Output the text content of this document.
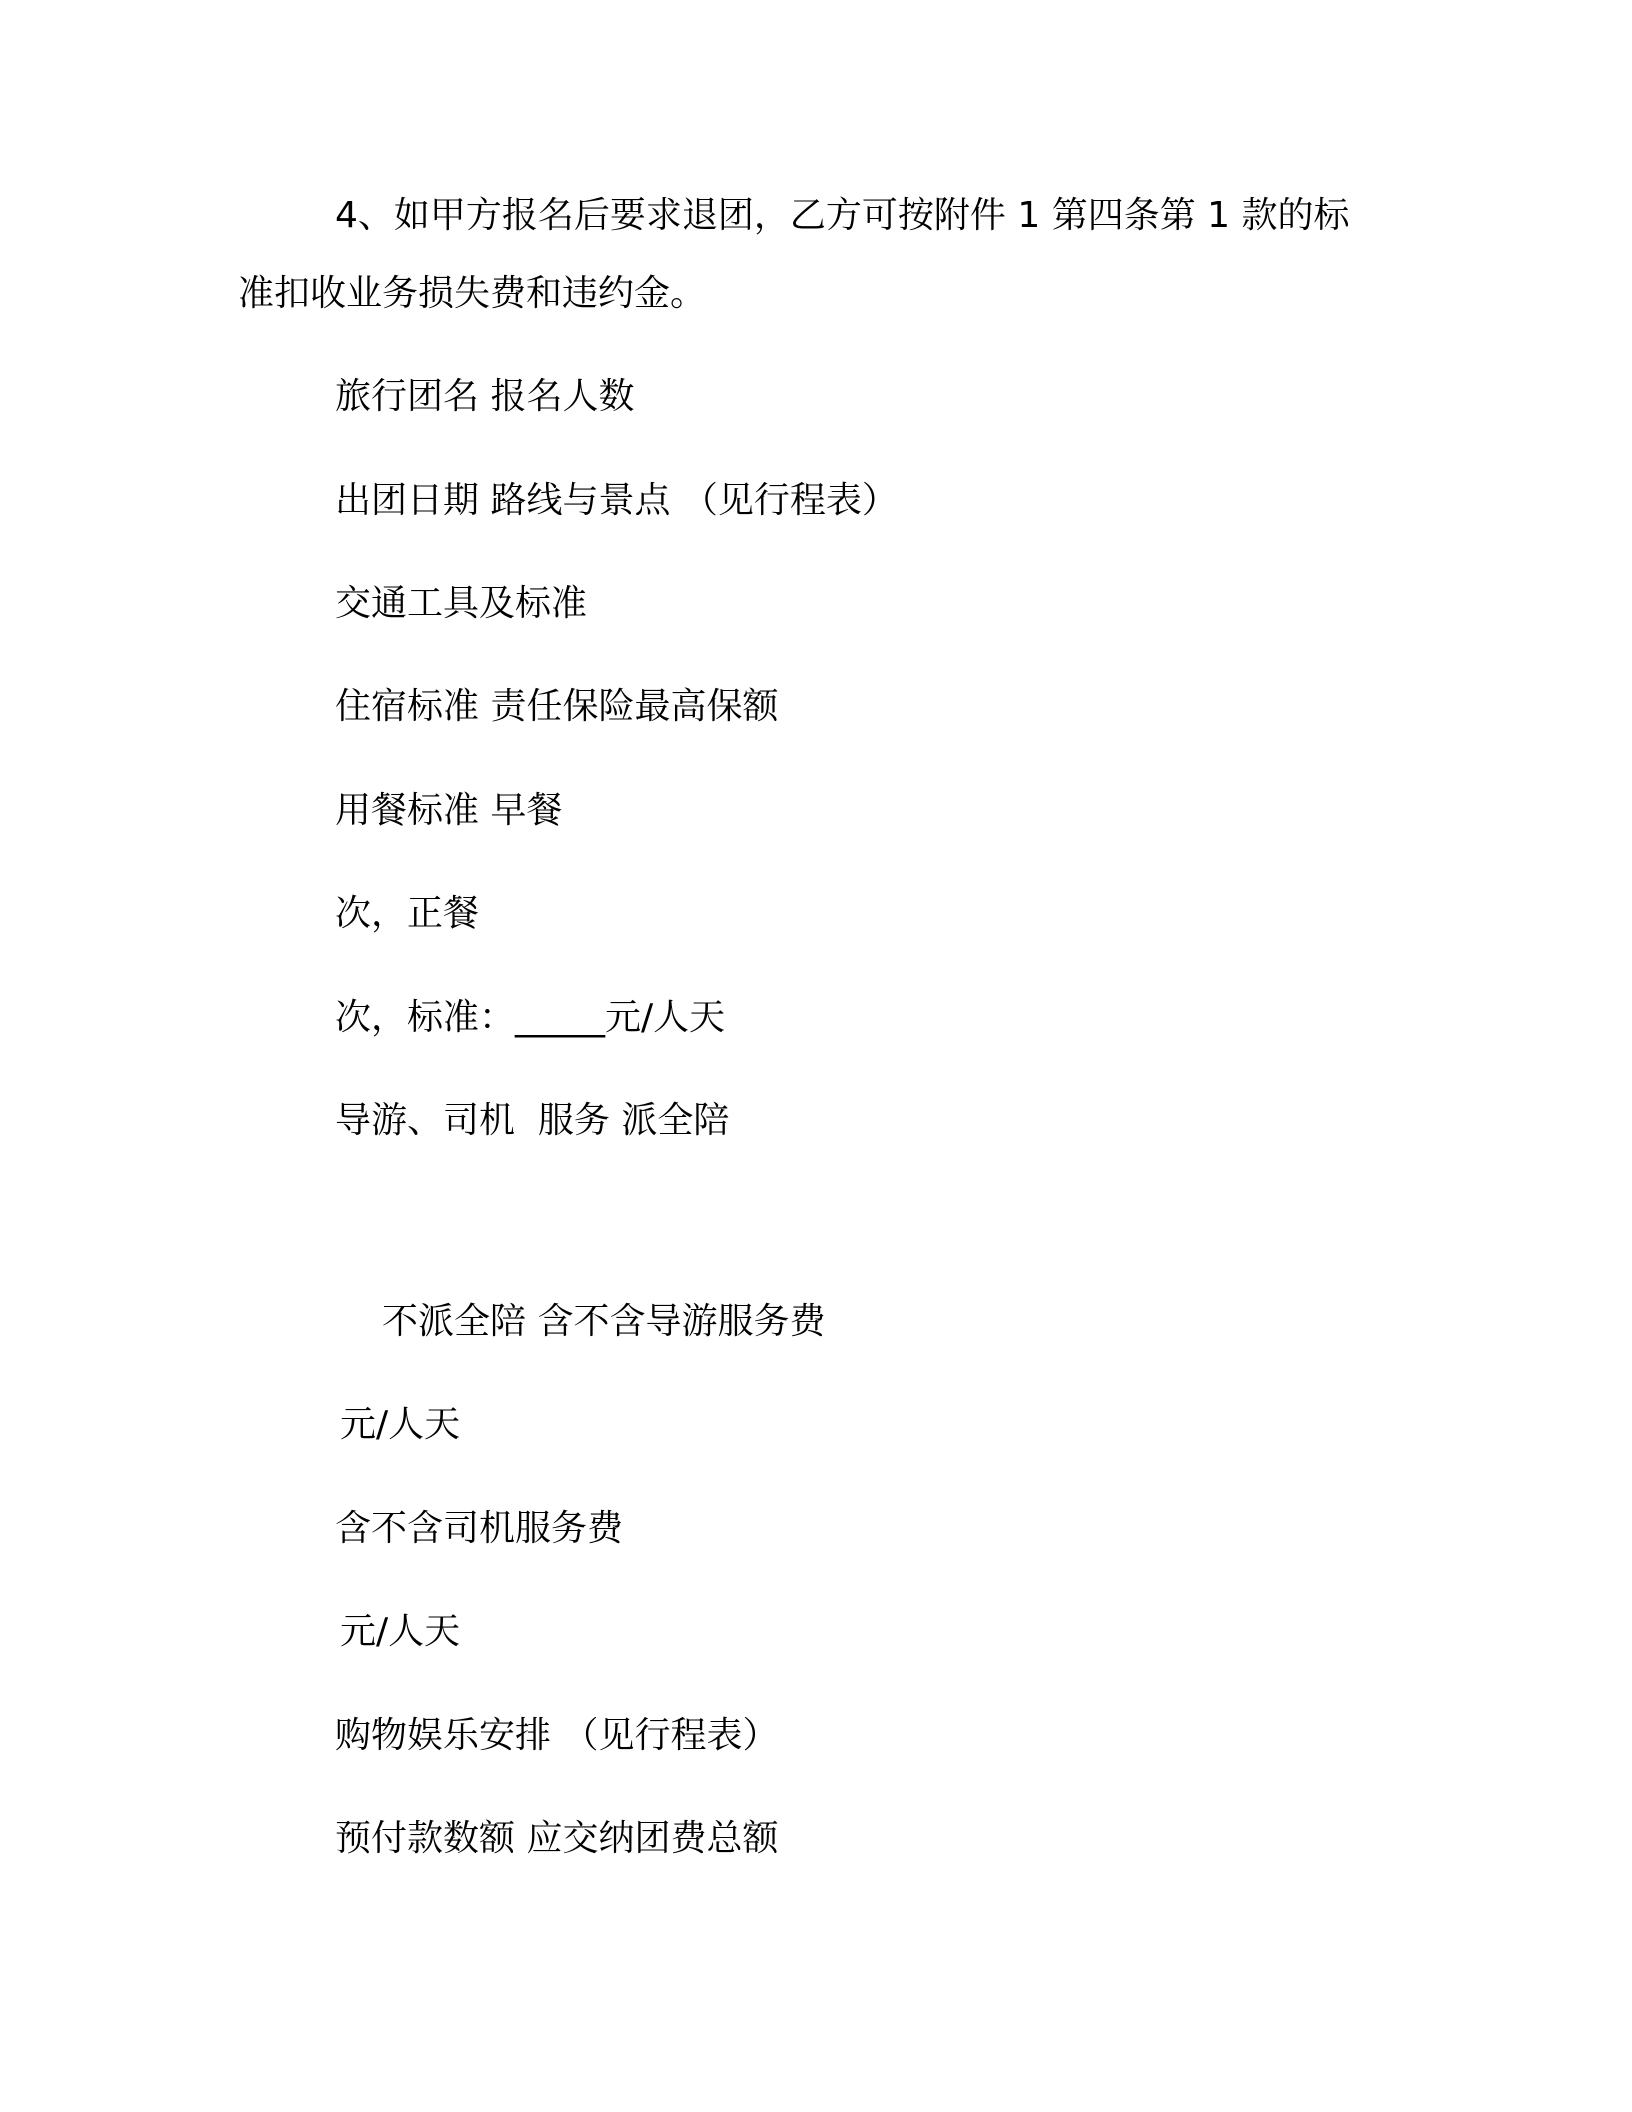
4、如甲方报名后要求退团，乙方可按附件 1 第四条第 1 款的标
准扣收业务损失费和违约金。
旅行团名 报名人数
出团日期 路线与景点 （见行程表）
交通工具及标准
住宿标准 责任保险最高保额
用餐标准 早餐
次，正餐
次，标准：_____元/人天
导游、司机  服务 派全陪
不派全陪 含不含导游服务费
元/人天
含不含司机服务费
元/人天
购物娱乐安排 （见行程表）
预付款数额 应交纳团费总额
